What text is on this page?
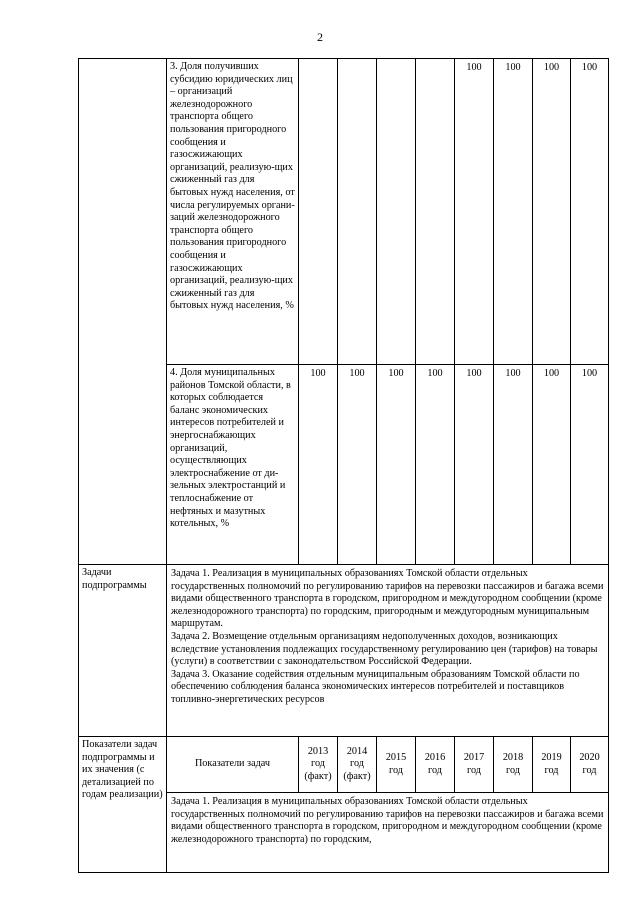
2
	3. Доля получивших субсидию юридических лиц – организаций железнодорожного транспорта общего пользования пригородного сообщения и газосжижающих организаций, реализую-щих сжиженный газ для бытовых нужд населения, от числа регулируемых органи-заций железнодорожного транспорта общего пользования пригородного сообщения и газосжижающих организаций, реализую-щих сжиженный газ для бытовых нужд населения, %					100	100	100	100
	4. Доля муниципальных районов Томской области, в которых соблюдается баланс экономических интересов потребителей и энергоснабжающих организаций, осуществляющих электроснабжение от ди-зельных электростанций и теплоснабжение от нефтяных и мазутных котельных, %	100	100	100	100	100	100	100	100
Задачи подпрограммы	Задача 1. Реализация в муниципальных образованиях Томской области отдельных государственных полномочий по регулированию тарифов на перевозки пассажиров и багажа всеми видами общественного транспорта в городском, пригородном и междугородном сообщении (кроме железнодорожного транспорта) по городским, пригородным и междугородным муниципальным маршрутам.
Задача 2. Возмещение отдельным организациям недополученных доходов, возникающих вследствие установления подлежащих государственному регулированию цен (тарифов) на товары (услуги) в соответствии с законодательством Российской Федерации.
Задача 3. Оказание содействия отдельным муниципальным образованиям Томской области по обеспечению соблюдения баланса экономических интересов потребителей и поставщиков топливно-энергетических ресурсов								

Показатели задач подпрограммы и их значения (с детализацией по годам реализации)	Показатели задач	2013 год (факт)	2014 год (факт)	2015 год	2016 год	2017 год	2018 год	2019 год	2020 год
	Задача 1. Реализация в муниципальных образованиях Томской области отдельных государственных полномочий по регулированию тарифов на перевозки пассажиров и багажа всеми видами общественного транспорта в городском, пригородном и междугородном сообщении (кроме железнодорожного транспорта) по городским,								
